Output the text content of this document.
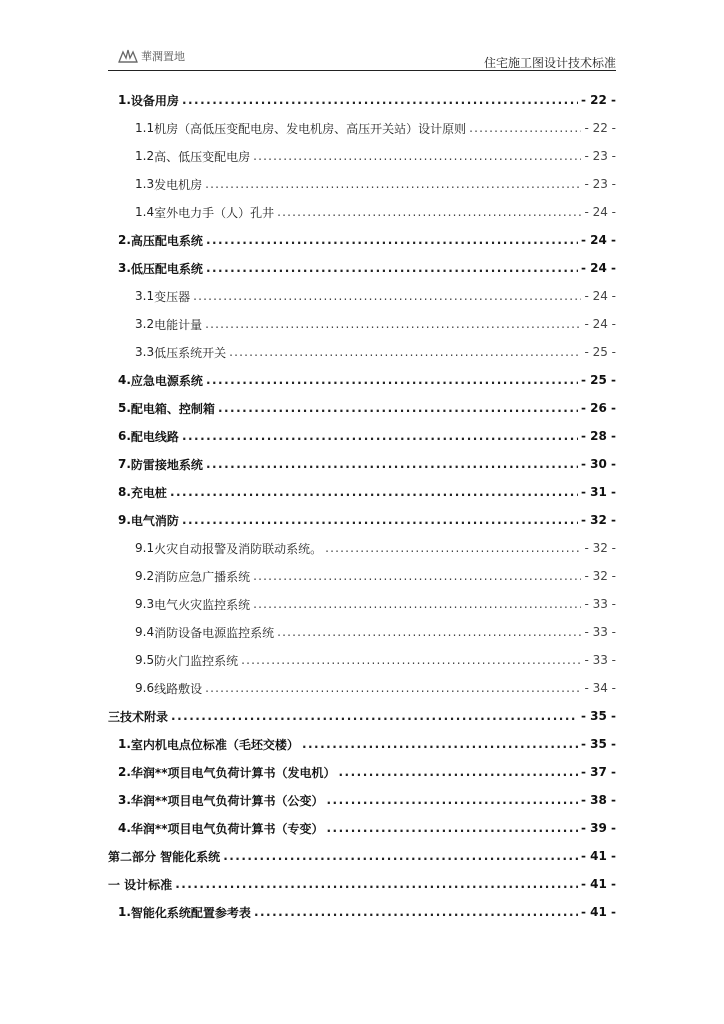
華潤置地	住宅施工图设计技术标准
1. 设备用房 .....	- 22 -
1.1 机房（高低压变配电房、发电机房、高压开关站）设计原则 .....	- 22 -
1.2 高、低压变配电房 .....	- 23 -
1.3 发电机房 .....	- 23 -
1.4 室外电力手（人）孔井 .....	- 24 -
2. 高压配电系统 .....	- 24 -
3. 低压配电系统 .....	- 24 -
3.1 变压器 .....	- 24 -
3.2 电能计量 .....	- 24 -
3.3 低压系统开关 .....	- 25 -
4. 应急电源系统 .....	- 25 -
5. 配电箱、控制箱 .....	- 26 -
6. 配电线路 .....	- 28 -
7. 防雷接地系统 .....	- 30 -
8. 充电桩 .....	- 31 -
9. 电气消防 .....	- 32 -
9.1 火灾自动报警及消防联动系统。 .....	- 32 -
9.2 消防应急广播系统 .....	- 32 -
9.3 电气火灾监控系统 .....	- 33 -
9.4 消防设备电源监控系统 .....	- 33 -
9.5 防火门监控系统 .....	- 33 -
9.6 线路敷设 .....	- 34 -
三技术附录 .....	- 35 -
1. 室内机电点位标准（毛坯交楼） .....	- 35 -
2. 华润**项目电气负荷计算书（发电机） .....	- 37 -
3. 华润**项目电气负荷计算书（公变） .....	- 38 -
4. 华润**项目电气负荷计算书（专变） .....	- 39 -
第二部分 智能化系统 .....	- 41 -
一 设计标准 .....	- 41 -
1. 智能化系统配置参考表 .....	- 41 -
